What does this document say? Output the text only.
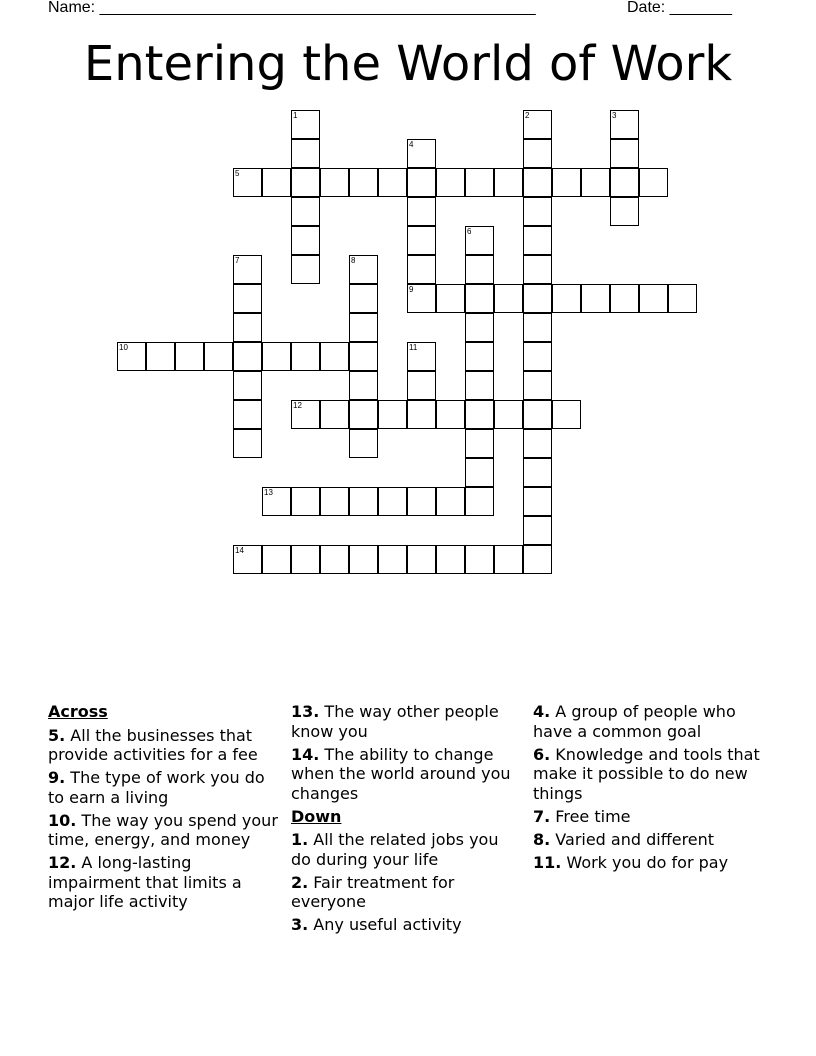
Name: _________________________________________________	Date: _______
Entering the World of Work
1	2	3
4
5
6
7	8
9
10	11
12
13
14
Across
5. All the businesses that provide activities for a fee
9. The type of work you do to earn a living
10. The way you spend your time, energy, and money
12. A long-lasting impairment that limits a major life activity
13. The way other people know you
14. The ability to change when the world around you changes
Down
1. All the related jobs you do during your life
2. Fair treatment for everyone
3. Any useful activity
4. A group of people who have a common goal
6. Knowledge and tools that make it possible to do new things
7. Free time
8. Varied and different
11. Work you do for pay
